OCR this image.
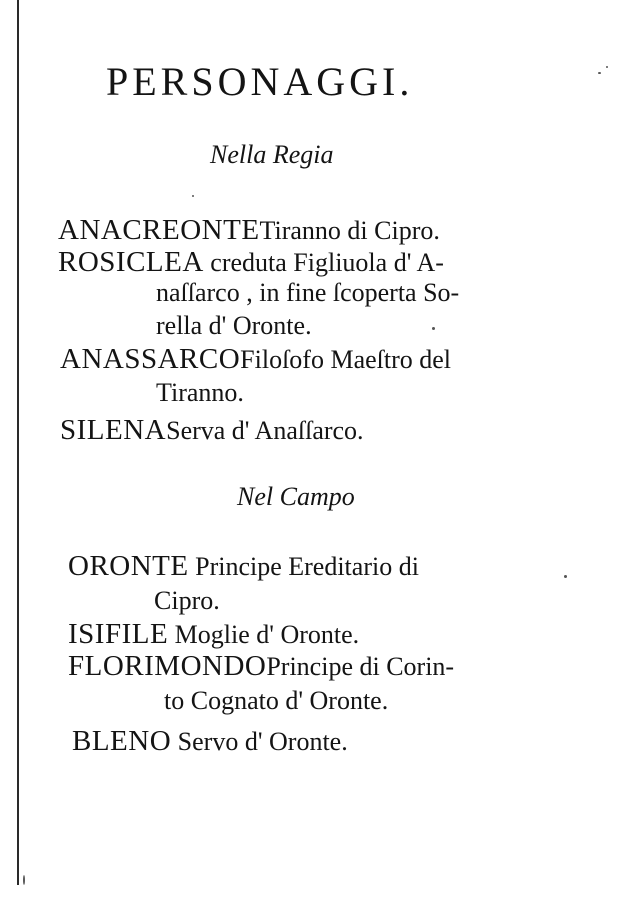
PERSONAGGI.
Nella Regia
ANACREONTETiranno di Cipro.
ROSICLEA creduta Figliuola d' A-
naſſarco , in fine ſcoperta So-
rella d' Oronte.
ANASSARCOFiloſofo Maeſtro del
Tiranno.
SILENAServa d' Anaſſarco.
Nel Campo
ORONTE Principe Ereditario di
Cipro.
ISIFILE Moglie d' Oronte.
FLORIMONDOPrincipe di Corin-
to Cognato d' Oronte.
BLENO Servo d' Oronte.
